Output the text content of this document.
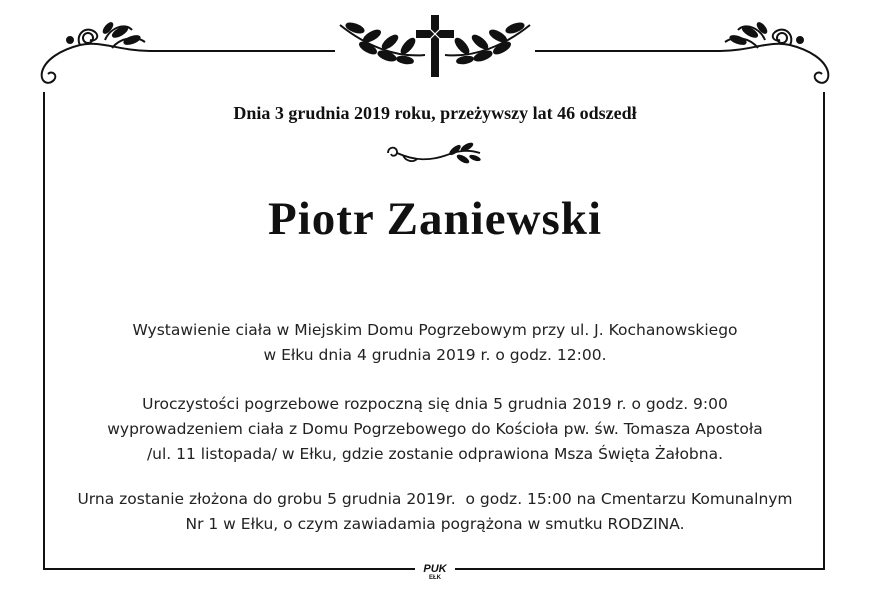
Dnia 3 grudnia 2019 roku, przeżywszy lat 46 odszedł
Piotr Zaniewski
Wystawienie ciała w Miejskim Domu Pogrzebowym przy ul. J. Kochanowskiego
w Ełku dnia 4 grudnia 2019 r. o godz. 12:00.
Uroczystości pogrzebowe rozpoczną się dnia 5 grudnia 2019 r. o godz. 9:00
wyprowadzeniem ciała z Domu Pogrzebowego do Kościoła pw. św. Tomasza Apostoła
/ul. 11 listopada/ w Ełku, gdzie zostanie odprawiona Msza Święta Żałobna.
Urna zostanie złożona do grobu 5 grudnia 2019r.  o godz. 15:00 na Cmentarzu Komunalnym
Nr 1 w Ełku, o czym zawiadamia pogrążona w smutku RODZINA.
PUK
EŁK
